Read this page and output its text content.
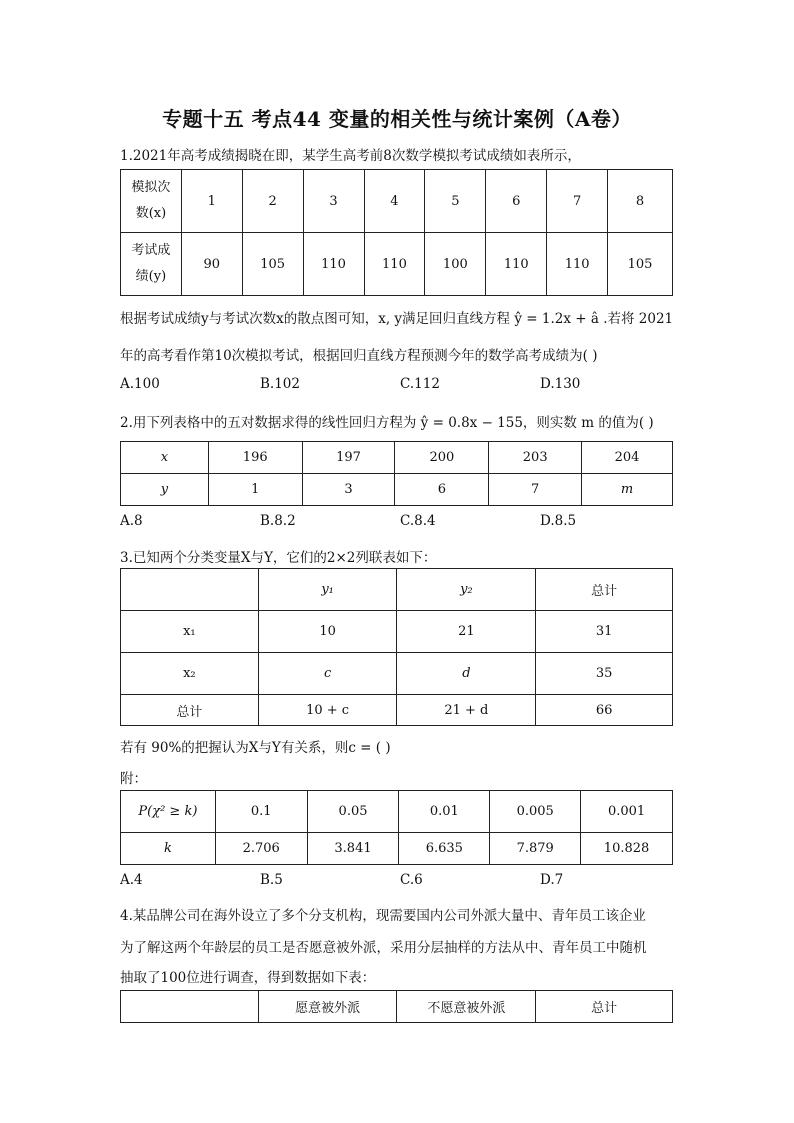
专题十五 考点44 变量的相关性与统计案例（A卷）
1.2021年高考成绩揭晓在即，某学生高考前8次数学模拟考试成绩如表所示，
模拟次
数(x)	1	2	3	4	5	6	7	8

考试成
绩(y)	90	105	110	110	100	110	110	105
根据考试成绩y与考试次数x的散点图可知，x, y满足回归直线方程 ŷ = 1.2x + â .若将 2021
年的高考看作第10次模拟考试，根据回归直线方程预测今年的数学高考成绩为( )
A.100	B.102	C.112	D.130
2.用下列表格中的五对数据求得的线性回归方程为 ŷ = 0.8x − 155，则实数 m 的值为( )
x	196	197	200	203	204
y	1	3	6	7	m
A.8	B.8.2	C.8.4	D.8.5
3.已知两个分类变量X与Y，它们的2×2列联表如下：
	y₁	y₂	总计
x₁	10	21	31
x₂	c	d	35
总计	10 + c	21 + d	66
若有 90%的把握认为X与Y有关系，则c = ( )
附：
P(χ² ≥ k)	0.1	0.05	0.01	0.005	0.001
k	2.706	3.841	6.635	7.879	10.828
A.4	B.5	C.6	D.7
4.某品牌公司在海外设立了多个分支机构，现需要国内公司外派大量中、青年员工该企业
为了解这两个年龄层的员工是否愿意被外派，采用分层抽样的方法从中、青年员工中随机
抽取了100位进行调查，得到数据如下表：
	愿意被外派	不愿意被外派	总计
